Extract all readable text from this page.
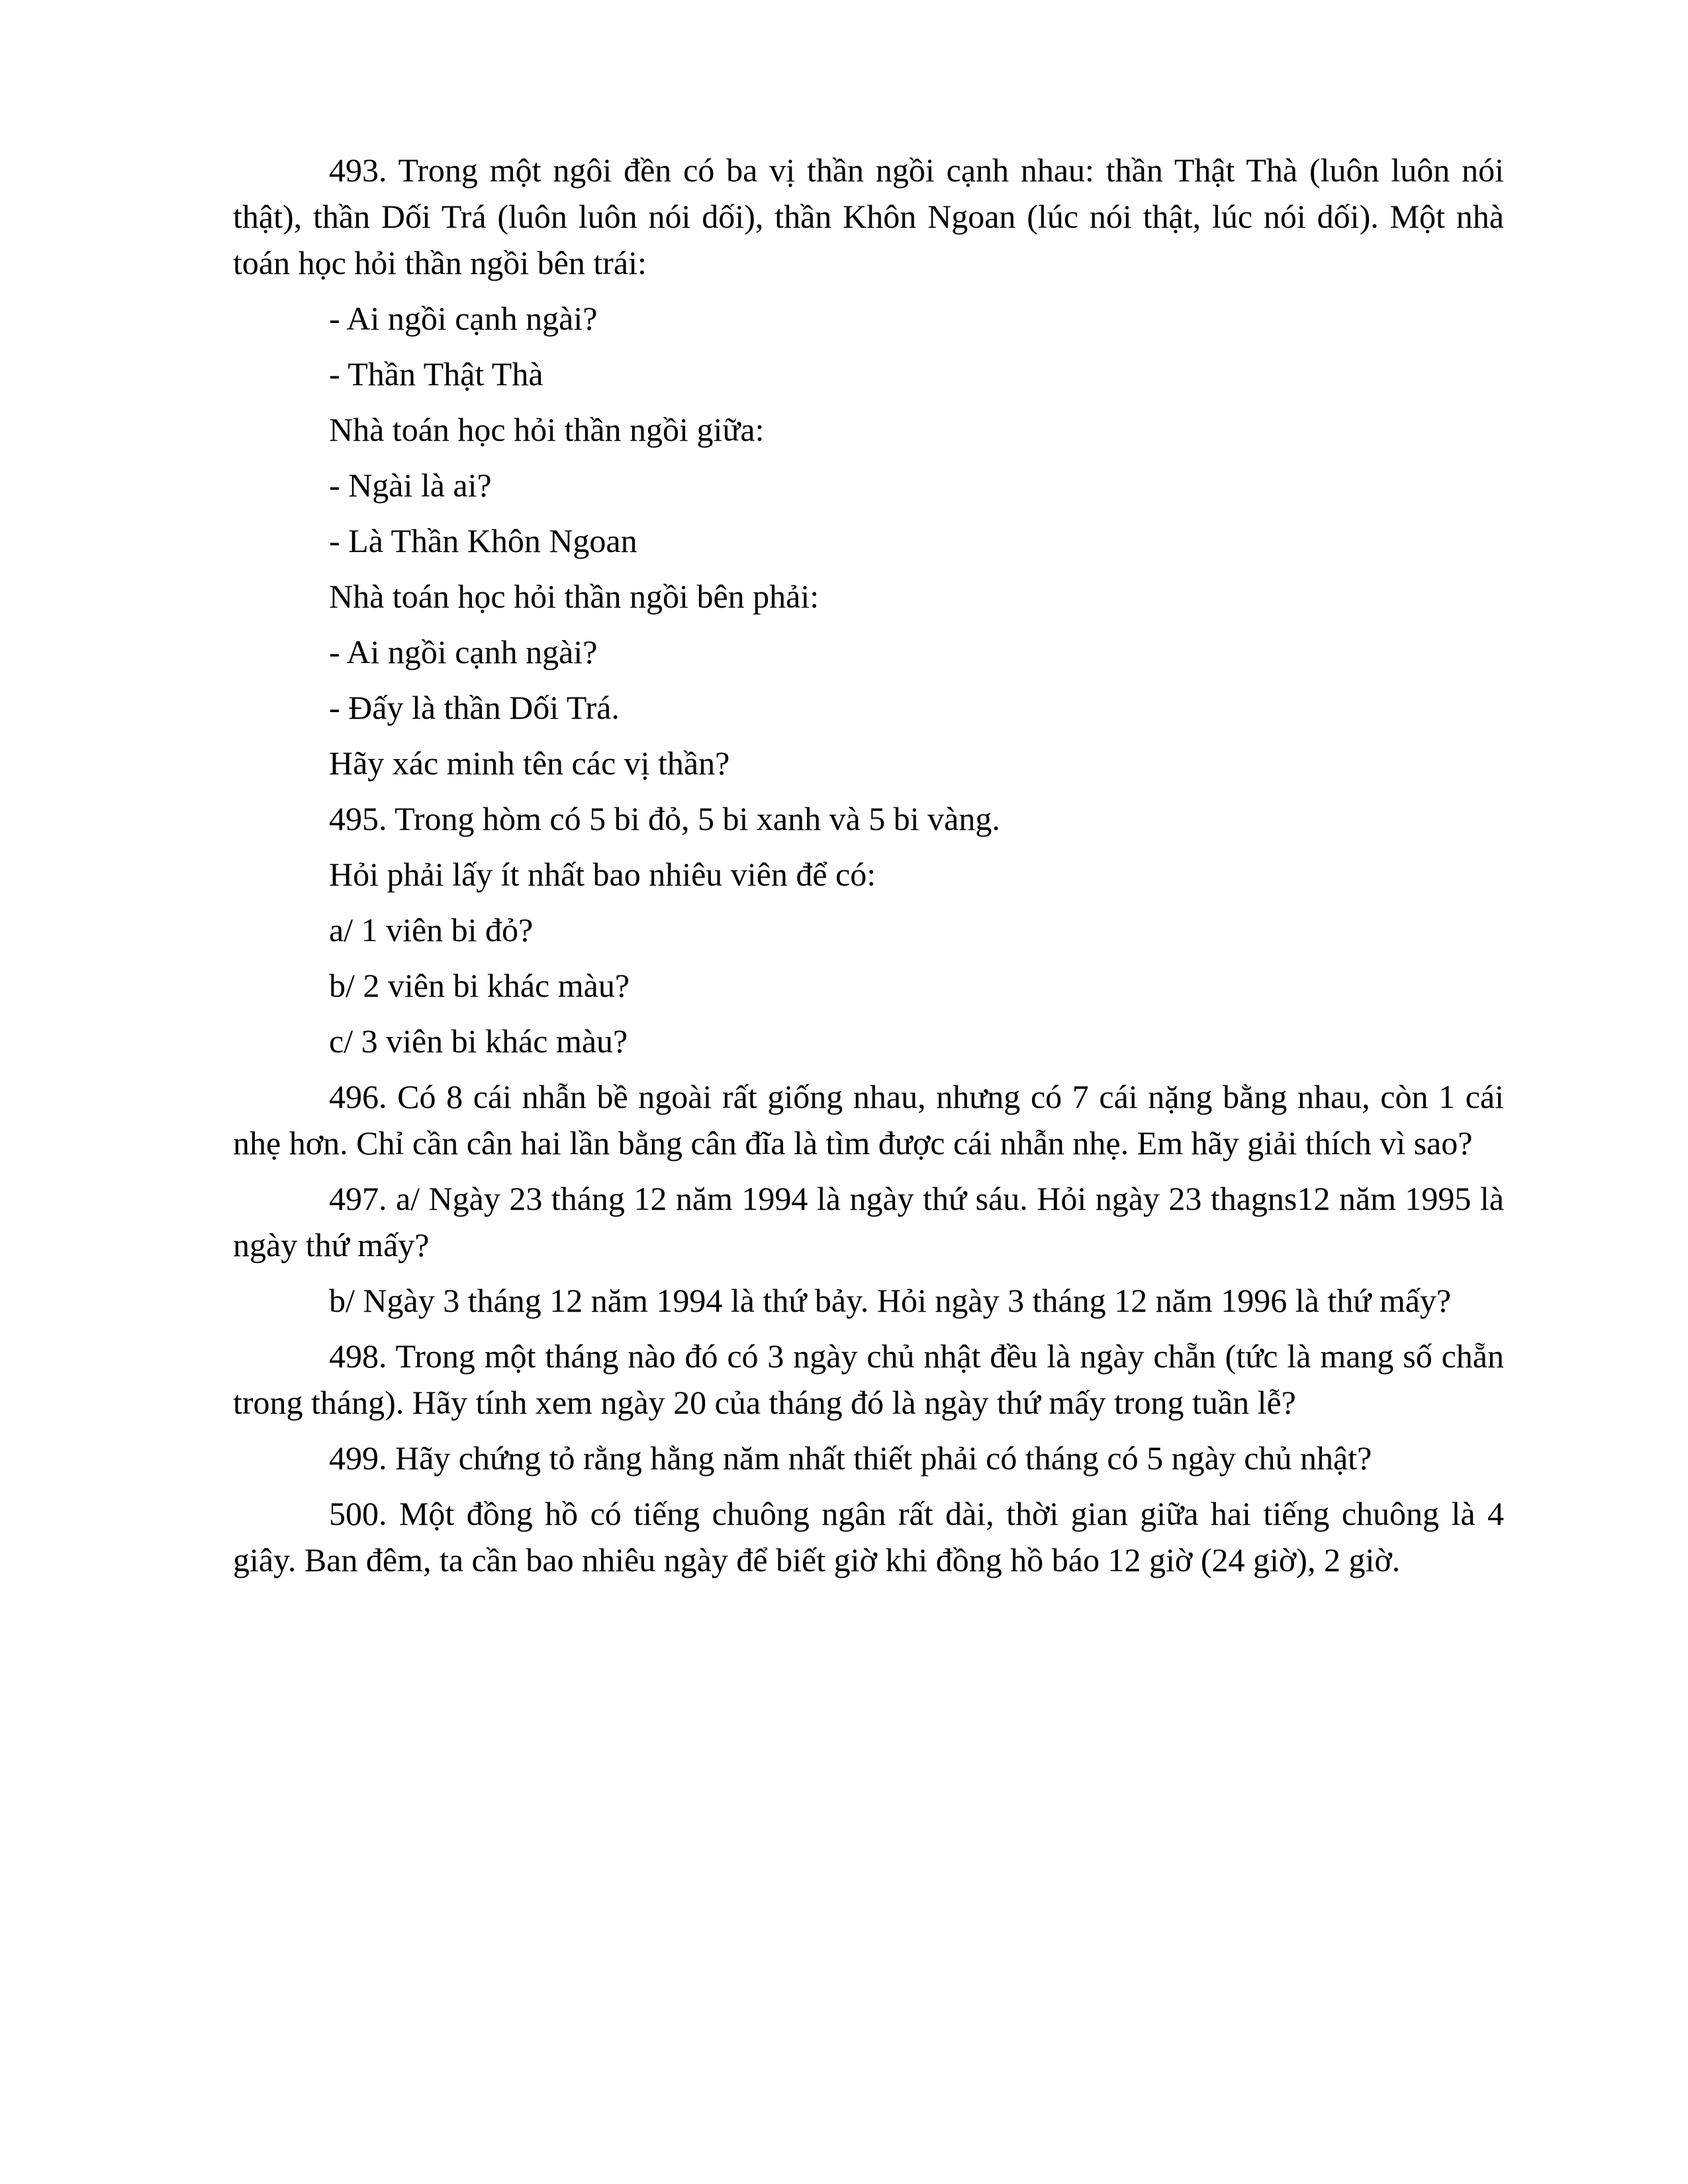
493. Trong một ngôi đền có ba vị thần ngồi cạnh nhau: thần Thật Thà (luôn luôn nói thật), thần Dối Trá (luôn luôn nói dối), thần Khôn Ngoan (lúc nói thật, lúc nói dối). Một nhà toán học hỏi thần ngồi bên trái:

- Ai ngồi cạnh ngài?

- Thần Thật Thà

Nhà toán học hỏi thần ngồi giữa:

- Ngài là ai?

- Là Thần Khôn Ngoan

Nhà toán học hỏi thần ngồi bên phải:

- Ai ngồi cạnh ngài?

- Đấy là thần Dối Trá.

Hãy xác minh tên các vị thần?

495. Trong hòm có 5 bi đỏ, 5 bi xanh và 5 bi vàng.

Hỏi phải lấy ít nhất bao nhiêu viên để có:

a/ 1 viên bi đỏ?

b/ 2 viên bi khác màu?

c/ 3 viên bi khác màu?

496. Có 8 cái nhẫn bề ngoài rất giống nhau, nhưng có 7 cái nặng bằng nhau, còn 1 cái nhẹ hơn. Chỉ cần cân hai lần bằng cân đĩa là tìm được cái nhẫn nhẹ. Em hãy giải thích vì sao?

497. a/ Ngày 23 tháng 12 năm 1994 là ngày thứ sáu. Hỏi ngày 23 thagns12 năm 1995 là ngày thứ mấy?

b/ Ngày 3 tháng 12 năm 1994 là thứ bảy. Hỏi ngày 3 tháng 12 năm 1996 là thứ mấy?

498. Trong một tháng nào đó có 3 ngày chủ nhật đều là ngày chẵn (tức là mang số chẵn trong tháng). Hãy tính xem ngày 20 của tháng đó là ngày thứ mấy trong tuần lễ?

499. Hãy chứng tỏ rằng hằng năm nhất thiết phải có tháng có 5 ngày chủ nhật?

500. Một đồng hồ có tiếng chuông ngân rất dài, thời gian giữa hai tiếng chuông là 4 giây. Ban đêm, ta cần bao nhiêu ngày để biết giờ khi đồng hồ báo 12 giờ (24 giờ), 2 giờ.
